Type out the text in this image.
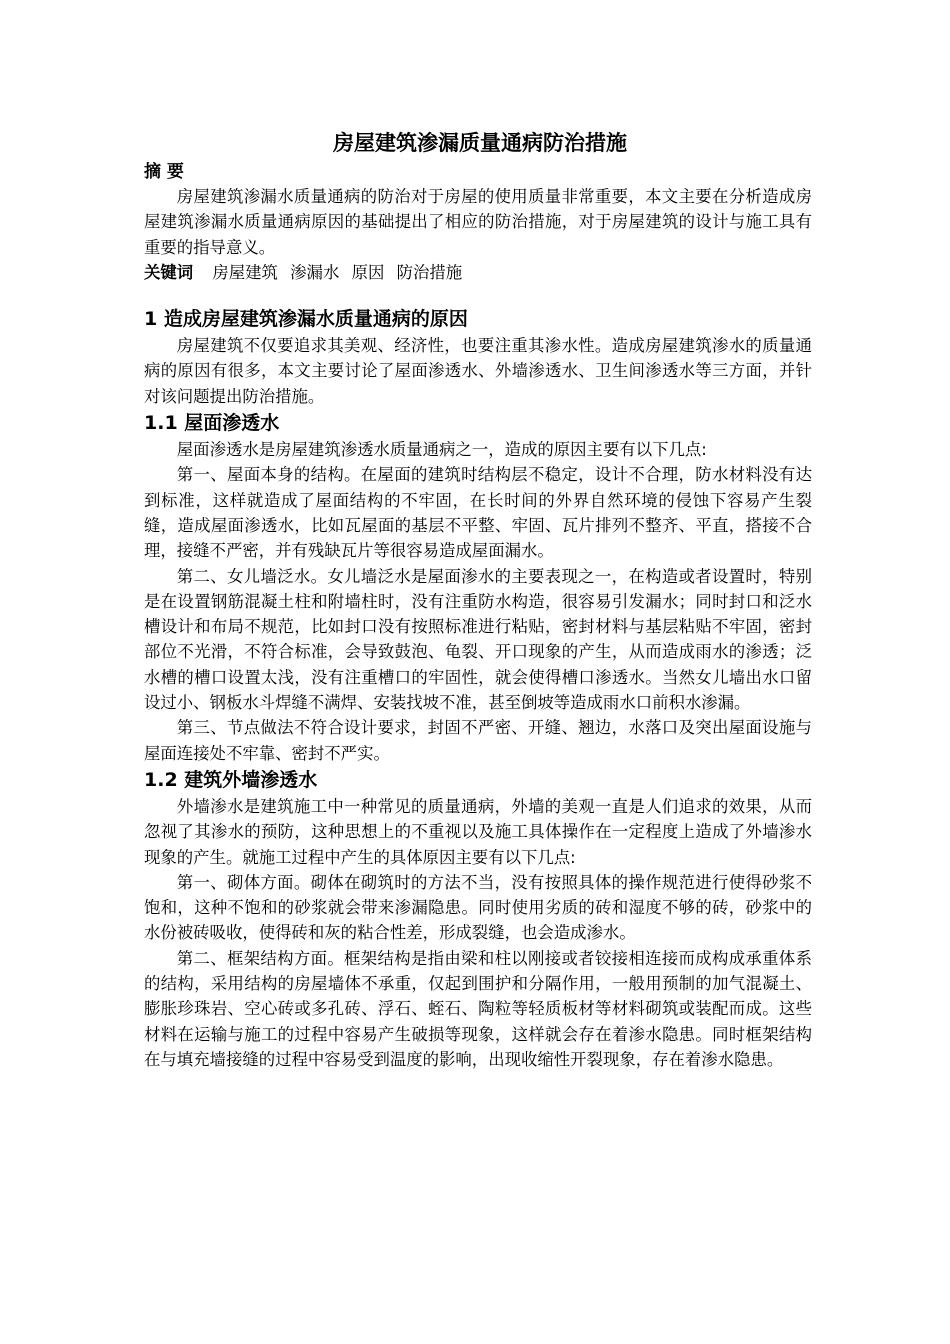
房屋建筑渗漏质量通病防治措施
摘 要

房屋建筑渗漏水质量通病的防治对于房屋的使用质量非常重要，本文主要在分析造成房屋建筑渗漏水质量通病原因的基础提出了相应的防治措施，对于房屋建筑的设计与施工具有重要的指导意义。

关键词 房屋建筑 渗漏水 原因 防治措施
1 造成房屋建筑渗漏水质量通病的原因

房屋建筑不仅要追求其美观、经济性，也要注重其渗水性。造成房屋建筑渗水的质量通病的原因有很多，本文主要讨论了屋面渗透水、外墙渗透水、卫生间渗透水等三方面，并针对该问题提出防治措施。

1.1 屋面渗透水

屋面渗透水是房屋建筑渗透水质量通病之一，造成的原因主要有以下几点:

第一、屋面本身的结构。在屋面的建筑时结构层不稳定，设计不合理，防水材料没有达到标准，这样就造成了屋面结构的不牢固，在长时间的外界自然环境的侵蚀下容易产生裂缝，造成屋面渗透水，比如瓦屋面的基层不平整、牢固、瓦片排列不整齐、平直，搭接不合理，接缝不严密，并有残缺瓦片等很容易造成屋面漏水。

第二、女儿墙泛水。女儿墙泛水是屋面渗水的主要表现之一，在构造或者设置时，特别是在设置钢筋混凝土柱和附墙柱时，没有注重防水构造，很容易引发漏水；同时封口和泛水槽设计和布局不规范，比如封口没有按照标准进行粘贴，密封材料与基层粘贴不牢固，密封部位不光滑，不符合标准，会导致鼓泡、龟裂、开口现象的产生，从而造成雨水的渗透；泛水槽的槽口设置太浅，没有注重槽口的牢固性，就会使得槽口渗透水。当然女儿墙出水口留设过小、钢板水斗焊缝不满焊、安装找坡不准，甚至倒坡等造成雨水口前积水渗漏。

第三、节点做法不符合设计要求，封固不严密、开缝、翘边，水落口及突出屋面设施与屋面连接处不牢靠、密封不严实。

1.2 建筑外墙渗透水

外墙渗水是建筑施工中一种常见的质量通病，外墙的美观一直是人们追求的效果，从而忽视了其渗水的预防，这种思想上的不重视以及施工具体操作在一定程度上造成了外墙渗水现象的产生。就施工过程中产生的具体原因主要有以下几点:

第一、砌体方面。砌体在砌筑时的方法不当，没有按照具体的操作规范进行使得砂浆不饱和，这种不饱和的砂浆就会带来渗漏隐患。同时使用劣质的砖和湿度不够的砖，砂浆中的水份被砖吸收，使得砖和灰的粘合性差，形成裂缝，也会造成渗水。

第二、框架结构方面。框架结构是指由梁和柱以刚接或者铰接相连接而成构成承重体系的结构，采用结构的房屋墙体不承重，仅起到围护和分隔作用，一般用预制的加气混凝土、膨胀珍珠岩、空心砖或多孔砖、浮石、蛭石、陶粒等轻质板材等材料砌筑或装配而成。这些材料在运输与施工的过程中容易产生破损等现象，这样就会存在着渗水隐患。同时框架结构在与填充墙接缝的过程中容易受到温度的影响，出现收缩性开裂现象，存在着渗水隐患。
